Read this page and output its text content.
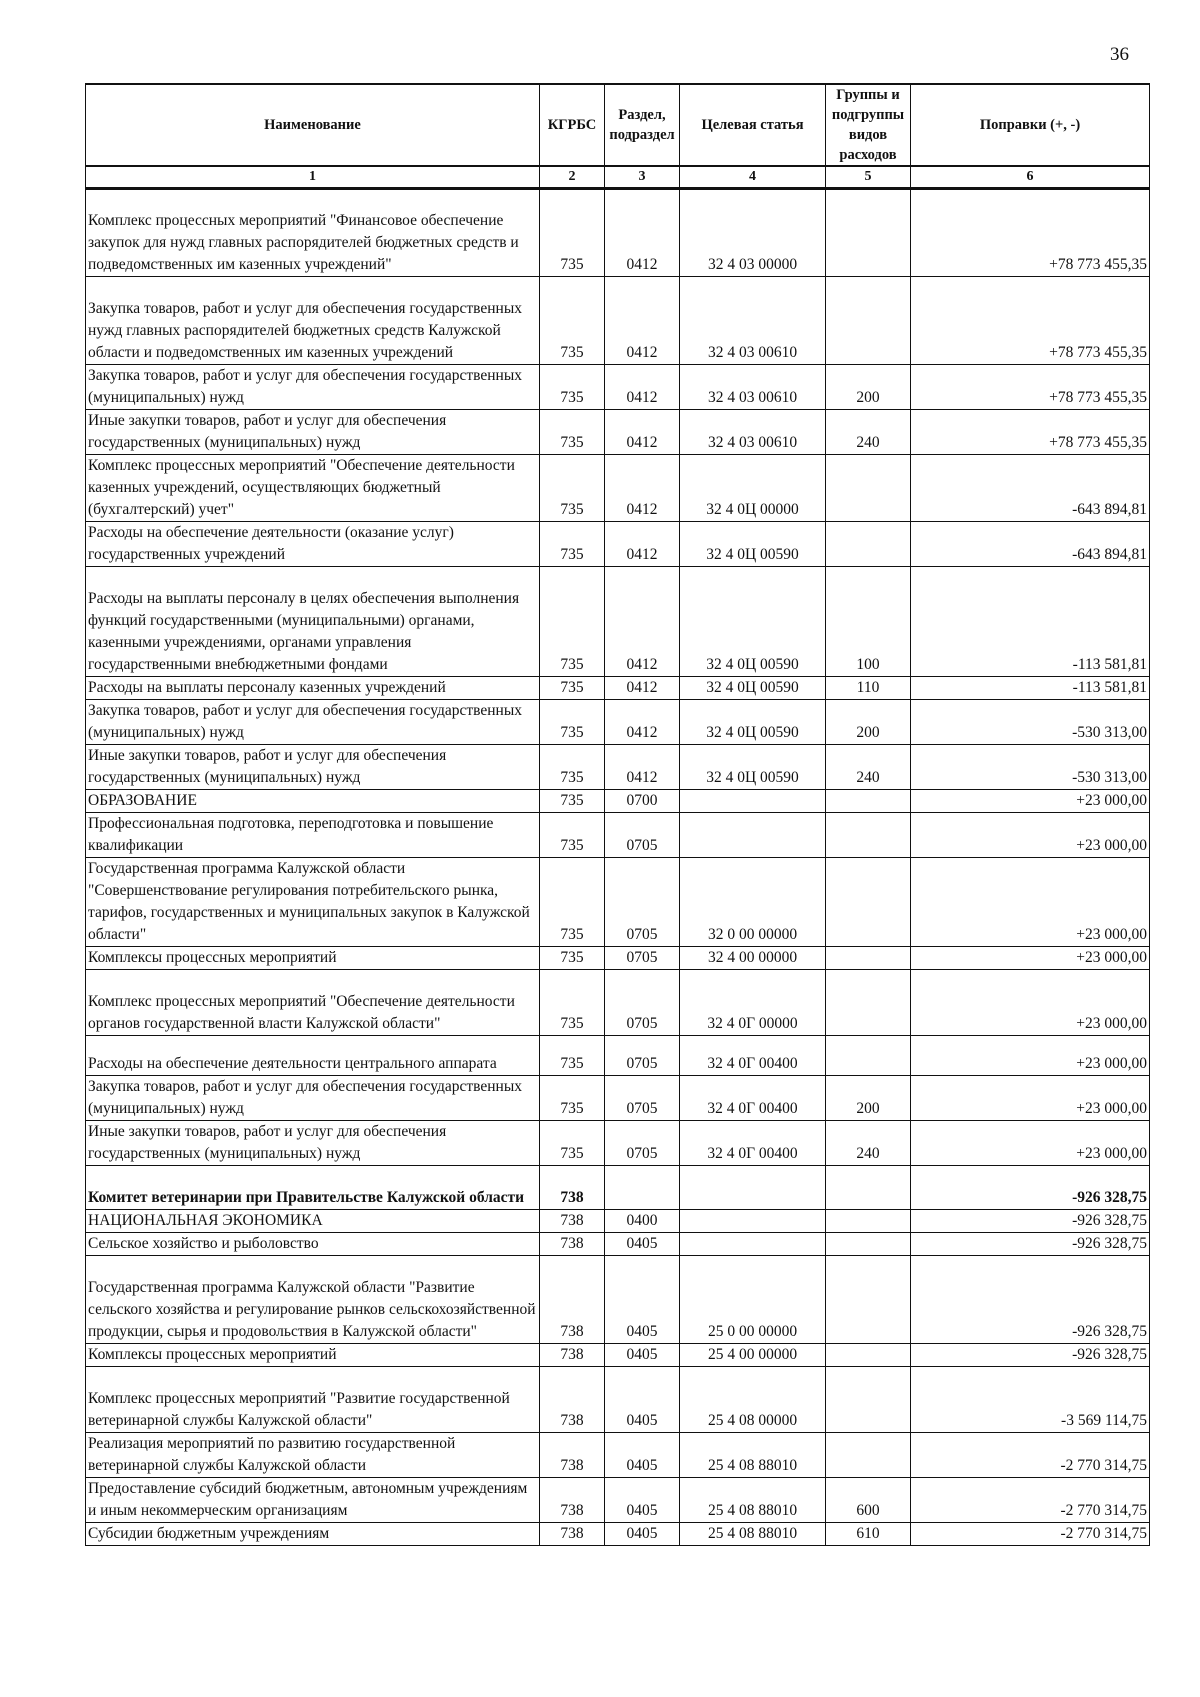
36
Наименование	КГРБС	Раздел, подраздел	Целевая статья	Группы и подгруппы видов расходов	Поправки (+, -)
1	2	3	4	5	6
Комплекс процессных мероприятий "Финансовое обеспечение закупок для нужд главных распорядителей бюджетных средств и подведомственных им казенных учреждений"	735	0412	32 4 03 00000		+78 773 455,35
Закупка товаров, работ и услуг для обеспечения государственных нужд главных распорядителей бюджетных средств Калужской области и подведомственных им казенных учреждений	735	0412	32 4 03 00610		+78 773 455,35
Закупка товаров, работ и услуг для обеспечения государственных (муниципальных) нужд	735	0412	32 4 03 00610	200	+78 773 455,35
Иные закупки товаров, работ и услуг для обеспечения государственных (муниципальных) нужд	735	0412	32 4 03 00610	240	+78 773 455,35
Комплекс процессных мероприятий "Обеспечение деятельности казенных учреждений, осуществляющих бюджетный (бухгалтерский) учет"	735	0412	32 4 0Ц 00000		-643 894,81
Расходы на обеспечение деятельности (оказание услуг) государственных учреждений	735	0412	32 4 0Ц 00590		-643 894,81
Расходы на выплаты персоналу в целях обеспечения выполнения функций государственными (муниципальными) органами, казенными учреждениями, органами управления государственными внебюджетными фондами	735	0412	32 4 0Ц 00590	100	-113 581,81
Расходы на выплаты персоналу казенных учреждений	735	0412	32 4 0Ц 00590	110	-113 581,81
Закупка товаров, работ и услуг для обеспечения государственных (муниципальных) нужд	735	0412	32 4 0Ц 00590	200	-530 313,00
Иные закупки товаров, работ и услуг для обеспечения государственных (муниципальных) нужд	735	0412	32 4 0Ц 00590	240	-530 313,00
ОБРАЗОВАНИЕ	735	0700			+23 000,00
Профессиональная подготовка, переподготовка и повышение квалификации	735	0705			+23 000,00
Государственная программа Калужской области "Совершенствование регулирования потребительского рынка, тарифов, государственных и муниципальных закупок в Калужской области"	735	0705	32 0 00 00000		+23 000,00
Комплексы процессных мероприятий	735	0705	32 4 00 00000		+23 000,00
Комплекс процессных мероприятий "Обеспечение деятельности органов государственной власти Калужской области"	735	0705	32 4 0Г 00000		+23 000,00
Расходы на обеспечение деятельности центрального аппарата	735	0705	32 4 0Г 00400		+23 000,00
Закупка товаров, работ и услуг для обеспечения государственных (муниципальных) нужд	735	0705	32 4 0Г 00400	200	+23 000,00
Иные закупки товаров, работ и услуг для обеспечения государственных (муниципальных) нужд	735	0705	32 4 0Г 00400	240	+23 000,00
Комитет ветеринарии при Правительстве Калужской области	738				-926 328,75
НАЦИОНАЛЬНАЯ ЭКОНОМИКА	738	0400			-926 328,75
Сельское хозяйство и рыболовство	738	0405			-926 328,75
Государственная программа Калужской области "Развитие сельского хозяйства и регулирование рынков сельскохозяйственной продукции, сырья и продовольствия в Калужской области"	738	0405	25 0 00 00000		-926 328,75
Комплексы процессных мероприятий	738	0405	25 4 00 00000		-926 328,75
Комплекс процессных мероприятий "Развитие государственной ветеринарной службы Калужской области"	738	0405	25 4 08 00000		-3 569 114,75
Реализация мероприятий по развитию государственной ветеринарной службы Калужской области	738	0405	25 4 08 88010		-2 770 314,75
Предоставление субсидий бюджетным, автономным учреждениям и иным некоммерческим организациям	738	0405	25 4 08 88010	600	-2 770 314,75
Субсидии бюджетным учреждениям	738	0405	25 4 08 88010	610	-2 770 314,75
